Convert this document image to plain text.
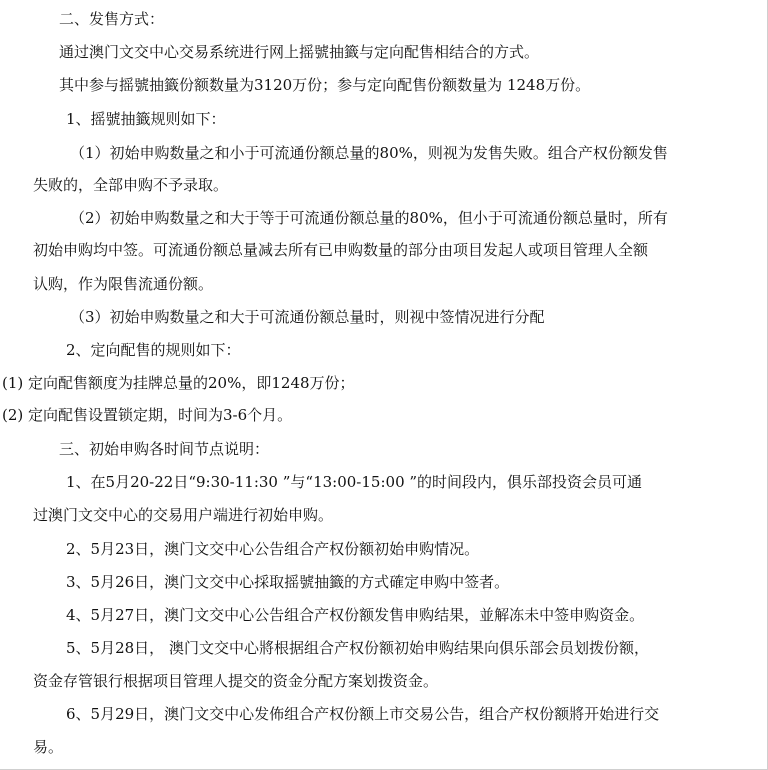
二、发售方式：
通过澳门文交中心交易系统进行网上摇號抽籤与定向配售相结合的方式。
其中参与摇號抽籤份额数量为3120万份；参与定向配售份额数量为 1248万份。
1、摇號抽籤规则如下：
（1）初始申购数量之和小于可流通份额总量的80%，则视为发售失败。组合产权份额发售
失败的，全部申购不予录取。
（2）初始申购数量之和大于等于可流通份额总量的80%，但小于可流通份额总量时，所有
初始申购均中签。可流通份额总量减去所有已申购数量的部分由项目发起人或项目管理人全额
认购，作为限售流通份额。
（3）初始申购数量之和大于可流通份额总量时，则视中签情况进行分配
2、定向配售的规则如下：
(1) 定向配售额度为挂牌总量的20%，即1248万份；
(2) 定向配售设置锁定期，时间为3-6个月。
三、初始申购各时间节点说明：
1、在5月20-22日“9:30-11:30 ”与“13:00-15:00 ”的时间段内，俱乐部投资会员可通
过澳门文交中心的交易用户端进行初始申购。
2、5月23日，澳门文交中心公告组合产权份额初始申购情况。
3、5月26日，澳门文交中心採取摇號抽籤的方式確定申购中签者。
4、5月27日，澳门文交中心公告组合产权份额发售申购结果，並解冻未中签申购资金。
5、5月28日， 澳门文交中心將根据组合产权份额初始申购结果向俱乐部会员划拨份额，
资金存管银行根据项目管理人提交的资金分配方案划拨资金。
6、5月29日，澳门文交中心发佈组合产权份额上市交易公告，组合产权份额將开始进行交
易。
